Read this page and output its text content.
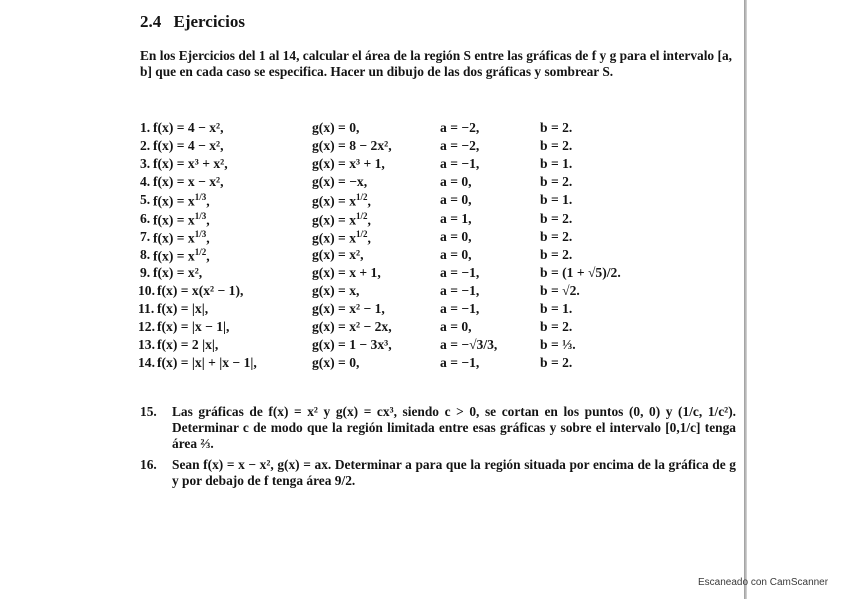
2.4 Ejercicios

En los Ejercicios del 1 al 14, calcular el área de la región S entre las gráficas de f y g para el intervalo [a, b] que en cada caso se especifica. Hacer un dibujo de las dos gráficas y sombrear S.

1. f(x) = 4 − x²,	g(x) = 0,	a = −2,	b = 2.
2. f(x) = 4 − x²,	g(x) = 8 − 2x²,	a = −2,	b = 2.
3. f(x) = x³ + x²,	g(x) = x³ + 1,	a = −1,	b = 1.
4. f(x) = x − x²,	g(x) = −x,	a = 0,	b = 2.
5. $f(x) = x^{1/3}$,	$g(x) = x^{1/2}$,	a = 0,	b = 1.
6. $f(x) = x^{1/3}$,	$g(x) = x^{1/2}$,	a = 1,	b = 2.
7. $f(x) = x^{1/3}$,	$g(x) = x^{1/2}$,	a = 0,	b = 2.
8. $f(x) = x^{1/2}$,	g(x) = x²,	a = 0,	b = 2.
9. f(x) = x²,	g(x) = x + 1,	a = −1,	b = (1 + √5)/2.
10. f(x) = x(x² − 1),	g(x) = x,	a = −1,	b = √2.
11. f(x) = |x|,	g(x) = x² − 1,	a = −1,	b = 1.
12. f(x) = |x − 1|,	g(x) = x² − 2x,	a = 0,	b = 2.
13. f(x) = 2 |x|,	g(x) = 1 − 3x³,	a = −√3/3,	b = ⅓.
14. f(x) = |x| + |x − 1|,	g(x) = 0,	a = −1,	b = 2.
15. Las gráficas de f(x) = x² y g(x) = cx³, siendo c > 0, se cortan en los puntos (0, 0) y (1/c, 1/c²). Determinar c de modo que la región limitada entre esas gráficas y sobre el intervalo [0,1/c] tenga área ⅔.
16. Sean f(x) = x − x², g(x) = ax. Determinar a para que la región situada por encima de la gráfica de g y por debajo de f tenga área 9/2.
Escaneado con CamScanner
